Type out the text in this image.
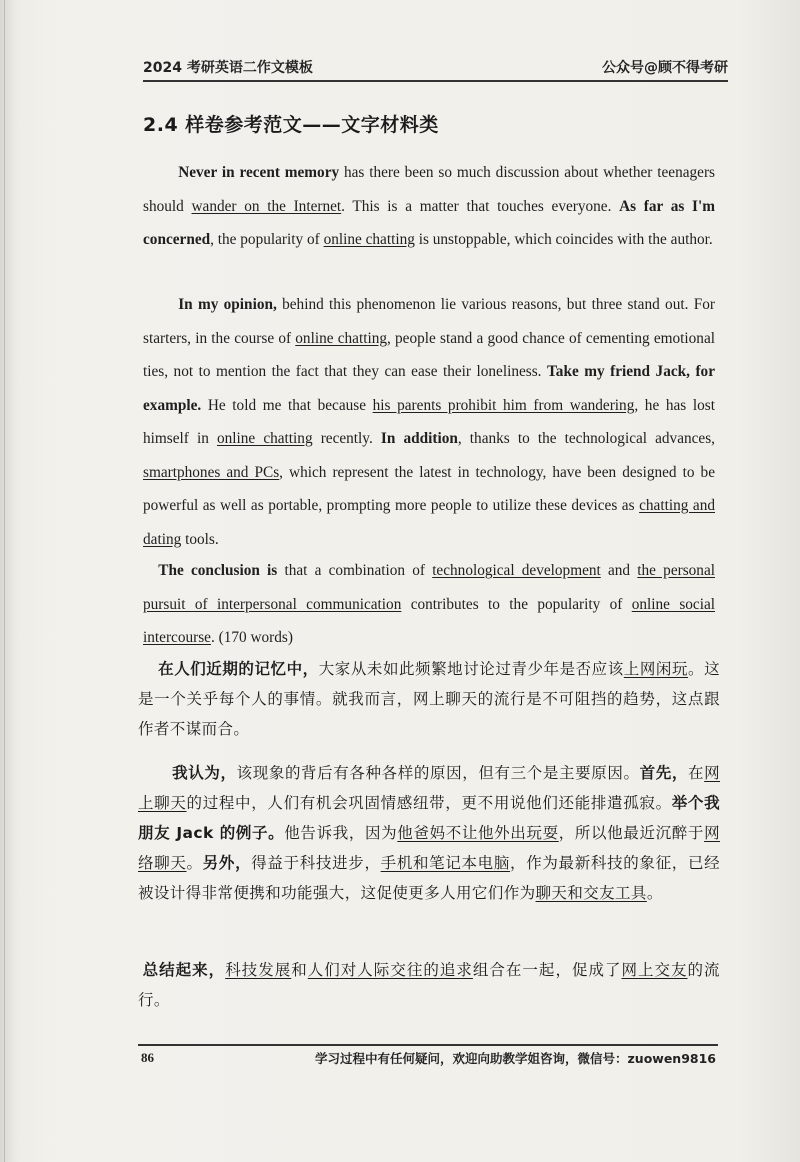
2024 考研英语二作文模板	公众号@顾不得考研
2.4 样卷参考范文——文字材料类

Never in recent memory has there been so much discussion about whether teenagers should wander on the Internet. This is a matter that touches everyone. As far as I'm concerned, the popularity of online chatting is unstoppable, which coincides with the author.

In my opinion, behind this phenomenon lie various reasons, but three stand out. For starters, in the course of online chatting, people stand a good chance of cementing emotional ties, not to mention the fact that they can ease their loneliness. Take my friend Jack, for example. He told me that because his parents prohibit him from wandering, he has lost himself in online chatting recently. In addition, thanks to the technological advances, smartphones and PCs, which represent the latest in technology, have been designed to be powerful as well as portable, prompting more people to utilize these devices as chatting and dating tools.

The conclusion is that a combination of technological development and the personal pursuit of interpersonal communication contributes to the popularity of online social intercourse. (170 words)

在人们近期的记忆中，大家从未如此频繁地讨论过青少年是否应该上网闲玩。这是一个关乎每个人的事情。就我而言，网上聊天的流行是不可阻挡的趋势，这点跟作者不谋而合。

我认为，该现象的背后有各种各样的原因，但有三个是主要原因。首先，在网上聊天的过程中，人们有机会巩固情感纽带，更不用说他们还能排遣孤寂。举个我朋友 Jack 的例子。他告诉我，因为他爸妈不让他外出玩耍，所以他最近沉醉于网络聊天。另外，得益于科技进步，手机和笔记本电脑，作为最新科技的象征，已经被设计得非常便携和功能强大，这促使更多人用它们作为聊天和交友工具。

总结起来，科技发展和人们对人际交往的追求组合在一起，促成了网上交友的流行。

86	学习过程中有任何疑问，欢迎向助教学姐咨询，微信号：zuowen9816
